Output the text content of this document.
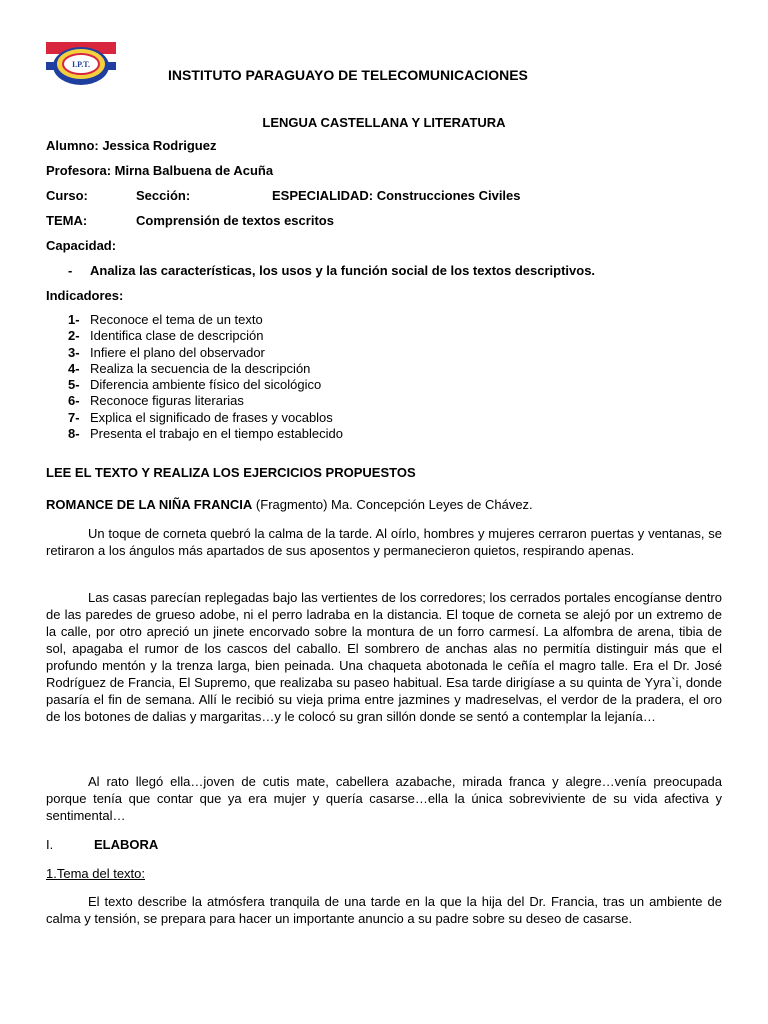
I.P.T.
INSTITUTO PARAGUAYO DE TELECOMUNICACIONES
LENGUA CASTELLANA Y LITERATURA
Alumno: Jessica Rodriguez
Profesora: Mirna Balbuena de Acuña
Curso:	Sección:	ESPECIALIDAD: Construcciones Civiles
TEMA:	Comprensión de textos escritos
Capacidad:
- Analiza las características, los usos y la función social de los textos descriptivos.
Indicadores:
1- Reconoce el tema de un texto
2- Identifica clase de descripción
3- Infiere el plano del observador
4- Realiza la secuencia de la descripción
5- Diferencia ambiente físico del sicológico
6- Reconoce figuras literarias
7- Explica el significado de frases y vocablos
8- Presenta el trabajo en el tiempo establecido
LEE EL TEXTO Y REALIZA LOS EJERCICIOS PROPUESTOS
ROMANCE DE LA NIÑA FRANCIA (Fragmento) Ma. Concepción Leyes de Chávez.

Un toque de corneta quebró la calma de la tarde. Al oírlo, hombres y mujeres cerraron puertas y ventanas, se retiraron a los ángulos más apartados de sus aposentos y permanecieron quietos, respirando apenas.

Las casas parecían replegadas bajo las vertientes de los corredores; los cerrados portales encogíanse dentro de las paredes de grueso adobe, ni el perro ladraba en la distancia. El toque de corneta se alejó por un extremo de la calle, por otro apreció un jinete encorvado sobre la montura de un forro carmesí. La alfombra de arena, tibia de sol, apagaba el rumor de los cascos del caballo. El sombrero de anchas alas no permitía distinguir más que el profundo mentón y la trenza larga, bien peinada. Una chaqueta abotonada le ceñía el magro talle. Era el Dr. José Rodríguez de Francia, El Supremo, que realizaba su paseo habitual. Esa tarde dirigíase a su quinta de Yyra`i, donde pasaría el fin de semana. Allí le recibió su vieja prima entre jazmines y madreselvas, el verdor de la pradera, el oro de los botones de dalias y margaritas…y le colocó su gran sillón donde se sentó a contemplar la lejanía…

Al rato llegó ella…joven de cutis mate, cabellera azabache, mirada franca y alegre…venía preocupada porque tenía que contar que ya era mujer y quería casarse…ella la única sobreviviente de su vida afectiva y sentimental…

I.	ELABORA
1.Tema del texto:

El texto describe la atmósfera tranquila de una tarde en la que la hija del Dr. Francia, tras un ambiente de calma y tensión, se prepara para hacer un importante anuncio a su padre sobre su deseo de casarse.
